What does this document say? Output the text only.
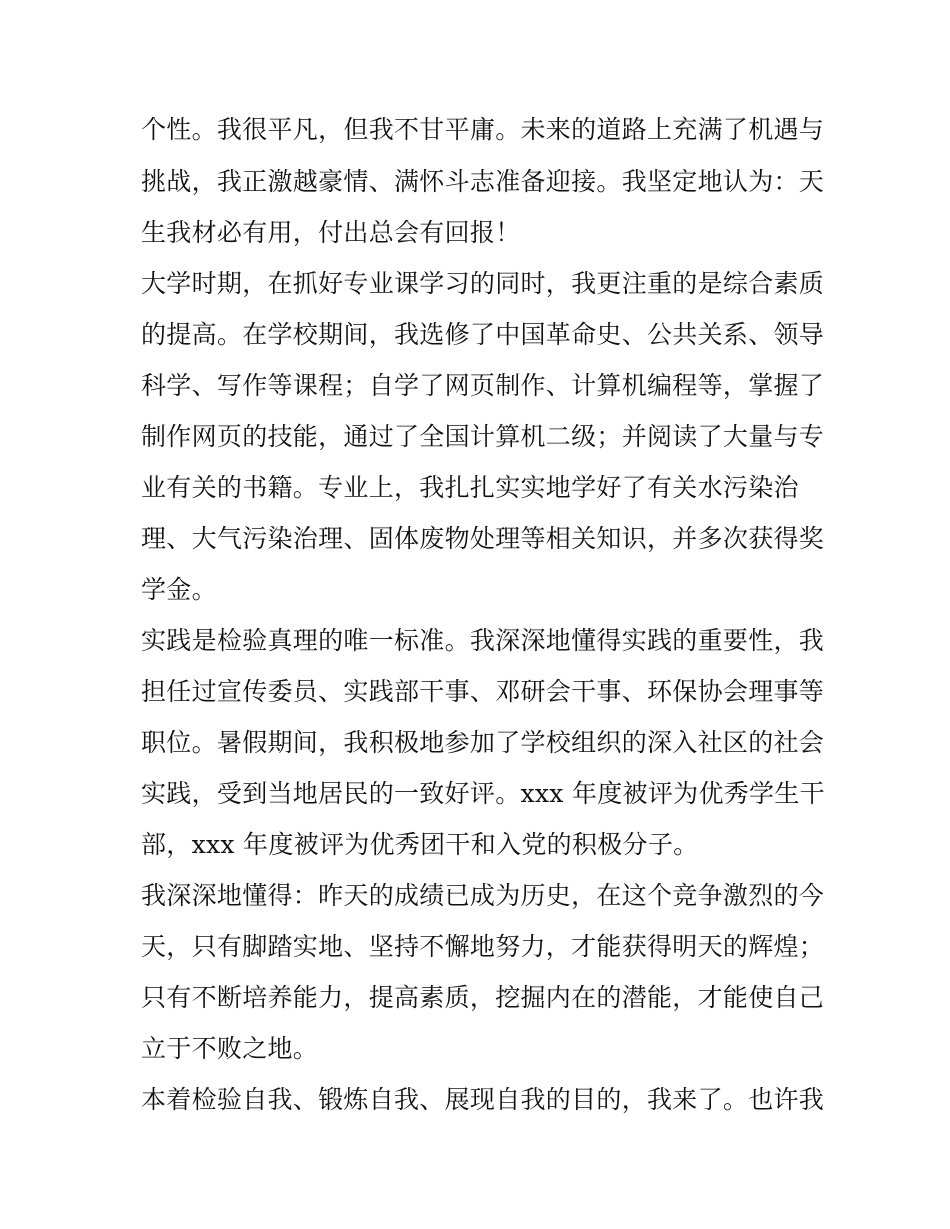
个性。我很平凡，但我不甘平庸。未来的道路上充满了机遇与
挑战，我正激越豪情、满怀斗志准备迎接。我坚定地认为：天
生我材必有用，付出总会有回报！
大学时期，在抓好专业课学习的同时，我更注重的是综合素质
的提高。在学校期间，我选修了中国革命史、公共关系、领导
科学、写作等课程；自学了网页制作、计算机编程等，掌握了
制作网页的技能，通过了全国计算机二级；并阅读了大量与专
业有关的书籍。专业上，我扎扎实实地学好了有关水污染治
理、大气污染治理、固体废物处理等相关知识，并多次获得奖
学金。
实践是检验真理的唯一标准。我深深地懂得实践的重要性，我
担任过宣传委员、实践部干事、邓研会干事、环保协会理事等
职位。暑假期间，我积极地参加了学校组织的深入社区的社会
实践，受到当地居民的一致好评。xxx 年度被评为优秀学生干
部，xxx 年度被评为优秀团干和入党的积极分子。
我深深地懂得：昨天的成绩已成为历史，在这个竞争激烈的今
天，只有脚踏实地、坚持不懈地努力，才能获得明天的辉煌；
只有不断培养能力，提高素质，挖掘内在的潜能，才能使自己
立于不败之地。
本着检验自我、锻炼自我、展现自我的目的，我来了。也许我
